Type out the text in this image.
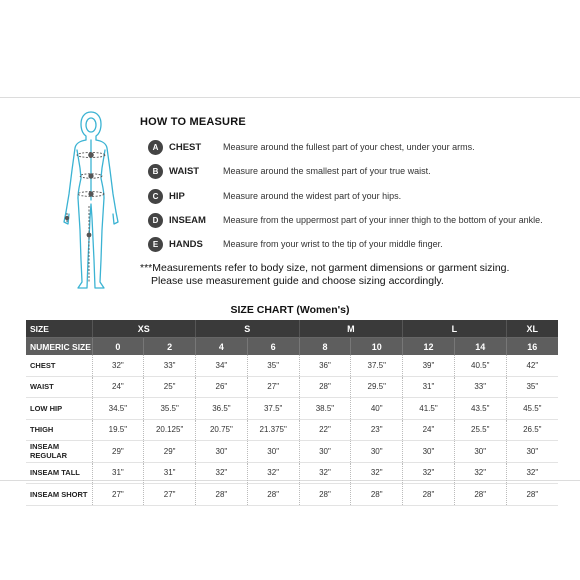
HOW TO MEASURE
A	CHEST	Measure around the fullest part of your chest, under your arms.
B	WAIST	Measure around the smallest part of your true waist.
C	HIP	Measure around the widest part of your hips.
D	INSEAM	Measure from the uppermost part of your inner thigh to the bottom of your ankle.
E	HANDS	Measure from your wrist to the tip of your middle finger.
***Measurements refer to body size, not garment dimensions or garment sizing.
Please use measurement guide and choose sizing accordingly.
SIZE CHART (Women's)
SIZE	XS		S		M		L		XL
NUMERIC SIZE	0	2	4	6	8	10	12	14	16
CHEST	32"	33"	34"	35"	36"	37.5"	39"	40.5"	42"
WAIST	24"	25"	26"	27"	28"	29.5"	31"	33"	35"
LOW HIP	34.5"	35.5"	36.5"	37.5"	38.5"	40"	41.5"	43.5"	45.5"
THIGH	19.5"	20.125"	20.75"	21.375"	22"	23"	24"	25.5"	26.5"
INSEAM REGULAR	29"	29"	30"	30"	30"	30"	30"	30"	30"
INSEAM TALL	31"	31"	32"	32"	32"	32"	32"	32"	32"
INSEAM SHORT	27"	27"	28"	28"	28"	28"	28"	28"	28"
